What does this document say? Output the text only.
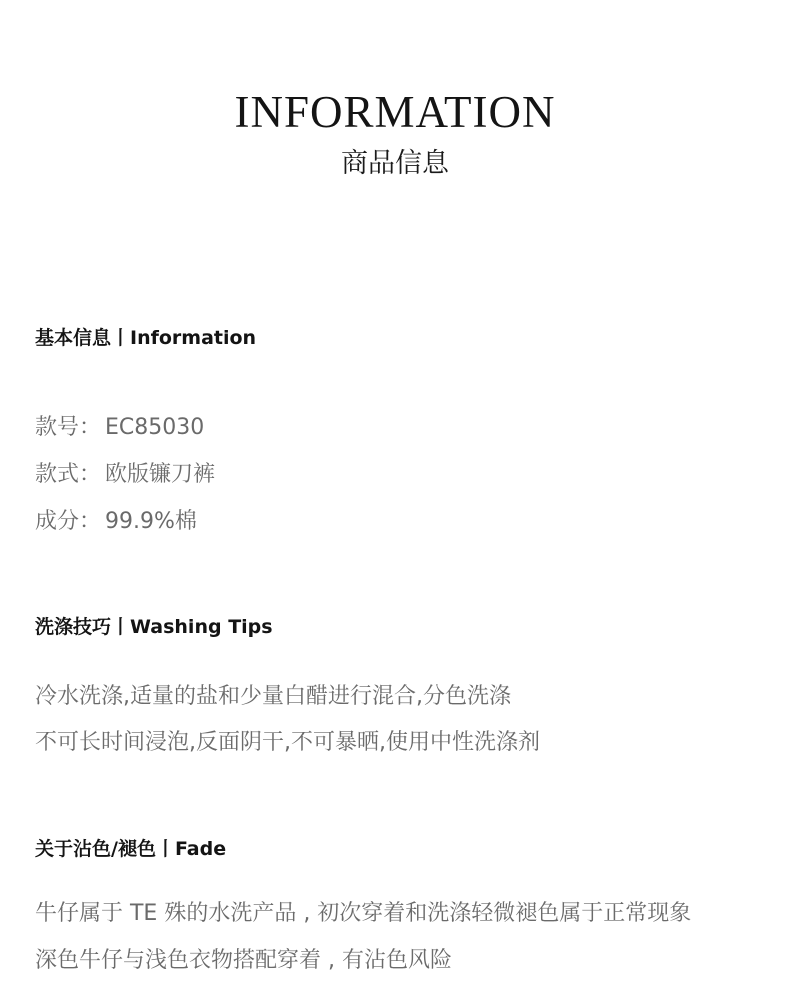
INFORMATION
商品信息
基本信息丨Information
款号： EC85030
款式： 欧版镰刀裤
成分： 99.9%棉
洗涤技巧丨Washing Tips
冷水洗涤,适量的盐和少量白醋进行混合,分色洗涤
不可长时间浸泡,反面阴干,不可暴晒,使用中性洗涤剂
关于沾色/褪色丨Fade
牛仔属于 TE 殊的水洗产品 , 初次穿着和洗涤轻微褪色属于正常现象
深色牛仔与浅色衣物搭配穿着 , 有沾色风险
